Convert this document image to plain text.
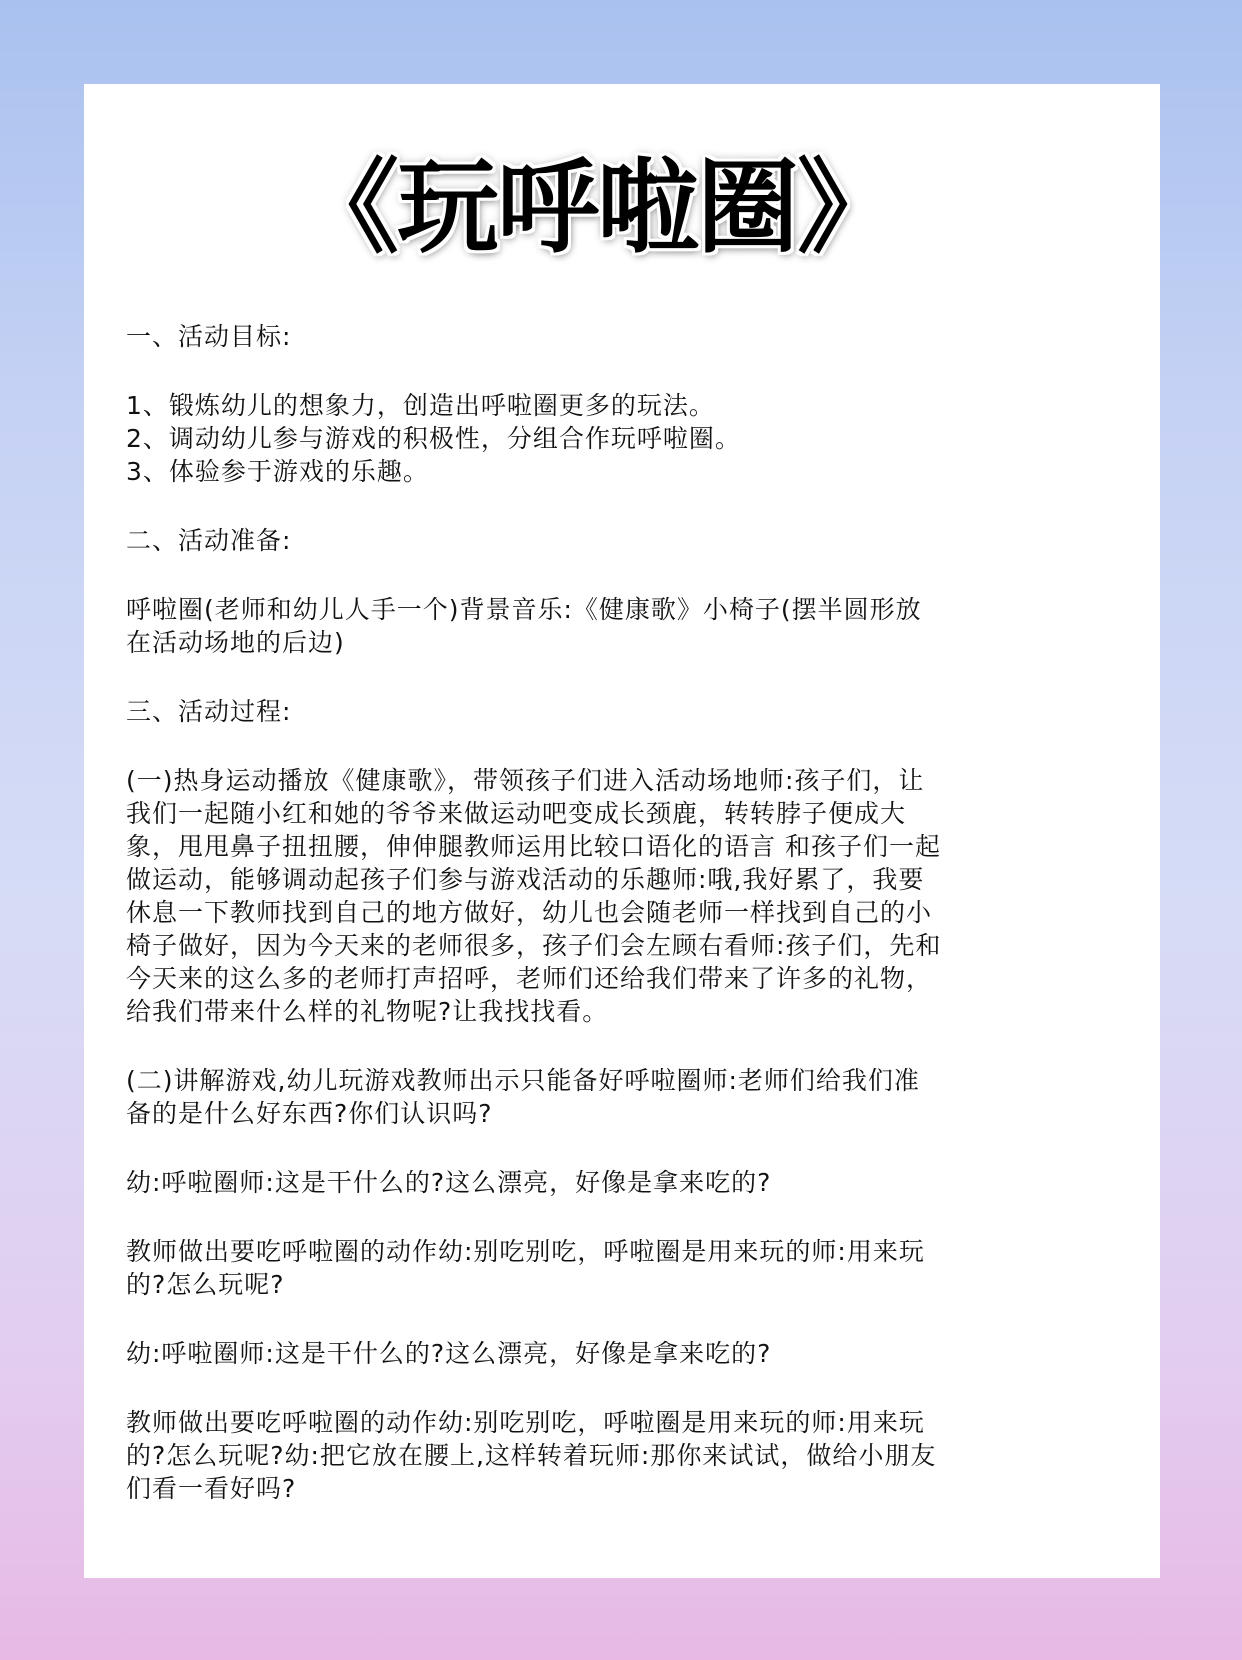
《玩呼啦圈》

一、活动目标:

1、锻炼幼儿的想象力，创造出呼啦圈更多的玩法。

2、调动幼儿参与游戏的积极性，分组合作玩呼啦圈。

3、体验参于游戏的乐趣。

二、活动准备:

呼啦圈(老师和幼儿人手一个)背景音乐:《健康歌》小椅子(摆半圆形放
在活动场地的后边)

三、活动过程:

(一)热身运动播放《健康歌》，带领孩子们进入活动场地师:孩子们，让
我们一起随小红和她的爷爷来做运动吧变成长颈鹿，转转脖子便成大
象，甩甩鼻子扭扭腰，伸伸腿教师运用比较口语化的语言 和孩子们一起
做运动，能够调动起孩子们参与游戏活动的乐趣师:哦,我好累了，我要
休息一下教师找到自己的地方做好，幼儿也会随老师一样找到自己的小
椅子做好，因为今天来的老师很多，孩子们会左顾右看师:孩子们，先和
今天来的这么多的老师打声招呼，老师们还给我们带来了许多的礼物，
给我们带来什么样的礼物呢?让我找找看。

(二)讲解游戏,幼儿玩游戏教师出示只能备好呼啦圈师:老师们给我们准
备的是什么好东西?你们认识吗?

幼:呼啦圈师:这是干什么的?这么漂亮，好像是拿来吃的?

教师做出要吃呼啦圈的动作幼:别吃别吃，呼啦圈是用来玩的师:用来玩
的?怎么玩呢?

幼:呼啦圈师:这是干什么的?这么漂亮，好像是拿来吃的?

教师做出要吃呼啦圈的动作幼:别吃别吃，呼啦圈是用来玩的师:用来玩
的?怎么玩呢?幼:把它放在腰上,这样转着玩师:那你来试试，做给小朋友
们看一看好吗?
